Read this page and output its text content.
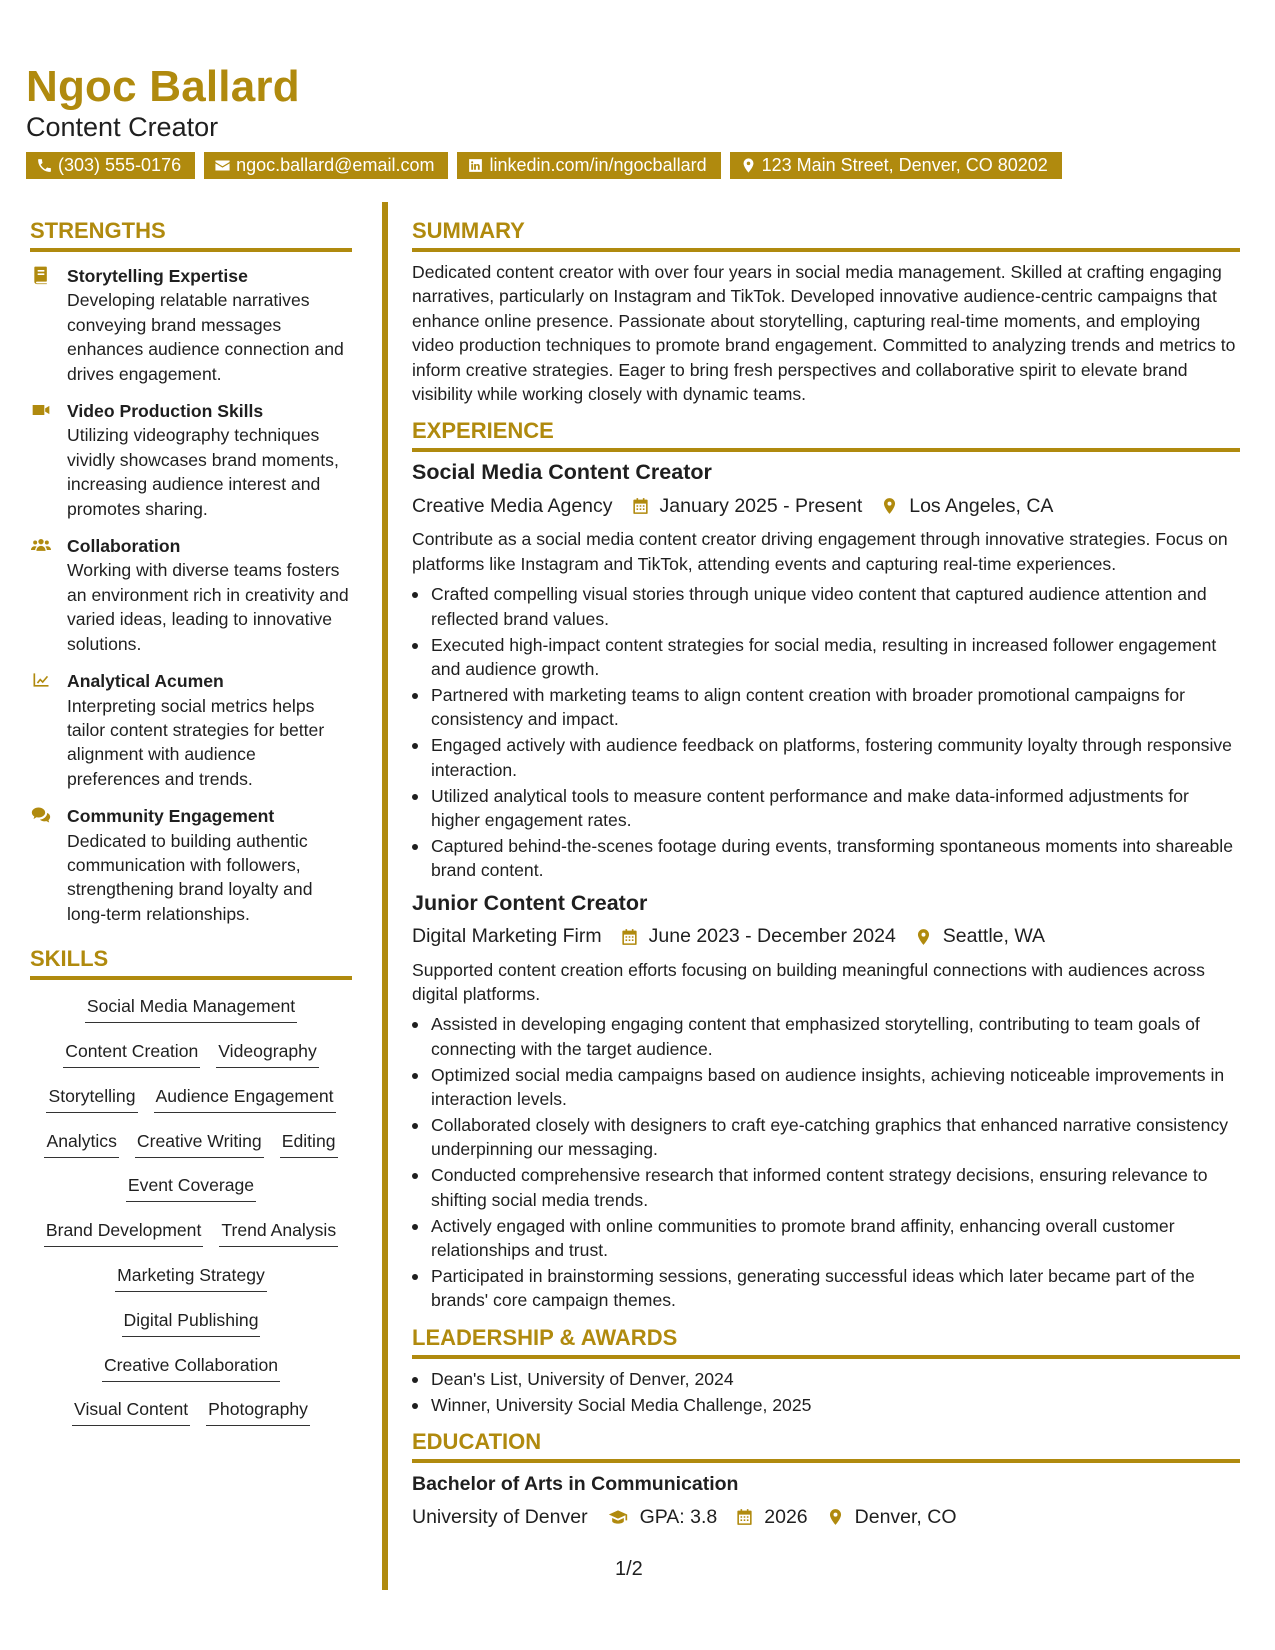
Ngoc Ballard
Content Creator
(303) 555-0176	ngoc.ballard@email.com	linkedin.com/in/ngocballard	123 Main Street, Denver, CO 80202
STRENGTHS
Storytelling Expertise
Developing relatable narratives conveying brand messages enhances audience connection and drives engagement.
Video Production Skills
Utilizing videography techniques vividly showcases brand moments, increasing audience interest and promotes sharing.
Collaboration
Working with diverse teams fosters an environment rich in creativity and varied ideas, leading to innovative solutions.
Analytical Acumen
Interpreting social metrics helps tailor content strategies for better alignment with audience preferences and trends.
Community Engagement
Dedicated to building authentic communication with followers, strengthening brand loyalty and long-term relationships.
SKILLS
Social Media Management
Content Creation Videography
Storytelling Audience Engagement
Analytics Creative Writing Editing
Event Coverage
Brand Development Trend Analysis
Marketing Strategy
Digital Publishing
Creative Collaboration
Visual Content Photography
SUMMARY
Dedicated content creator with over four years in social media management. Skilled at crafting engaging narratives, particularly on Instagram and TikTok. Developed innovative audience-centric campaigns that enhance online presence. Passionate about storytelling, capturing real-time moments, and employing video production techniques to promote brand engagement. Committed to analyzing trends and metrics to inform creative strategies. Eager to bring fresh perspectives and collaborative spirit to elevate brand visibility while working closely with dynamic teams.
EXPERIENCE
Social Media Content Creator
Creative Media Agency January 2025 - Present Los Angeles, CA
Contribute as a social media content creator driving engagement through innovative strategies. Focus on platforms like Instagram and TikTok, attending events and capturing real-time experiences.
Crafted compelling visual stories through unique video content that captured audience attention and reflected brand values.
Executed high-impact content strategies for social media, resulting in increased follower engagement and audience growth.
Partnered with marketing teams to align content creation with broader promotional campaigns for consistency and impact.
Engaged actively with audience feedback on platforms, fostering community loyalty through responsive interaction.
Utilized analytical tools to measure content performance and make data-informed adjustments for higher engagement rates.
Captured behind-the-scenes footage during events, transforming spontaneous moments into shareable brand content.
Junior Content Creator
Digital Marketing Firm June 2023 - December 2024 Seattle, WA
Supported content creation efforts focusing on building meaningful connections with audiences across digital platforms.
Assisted in developing engaging content that emphasized storytelling, contributing to team goals of connecting with the target audience.
Optimized social media campaigns based on audience insights, achieving noticeable improvements in interaction levels.
Collaborated closely with designers to craft eye-catching graphics that enhanced narrative consistency underpinning our messaging.
Conducted comprehensive research that informed content strategy decisions, ensuring relevance to shifting social media trends.
Actively engaged with online communities to promote brand affinity, enhancing overall customer relationships and trust.
Participated in brainstorming sessions, generating successful ideas which later became part of the brands' core campaign themes.
LEADERSHIP & AWARDS
Dean's List, University of Denver, 2024
Winner, University Social Media Challenge, 2025
EDUCATION
Bachelor of Arts in Communication
University of Denver	GPA: 3.8 2026 Denver, CO
1/2
